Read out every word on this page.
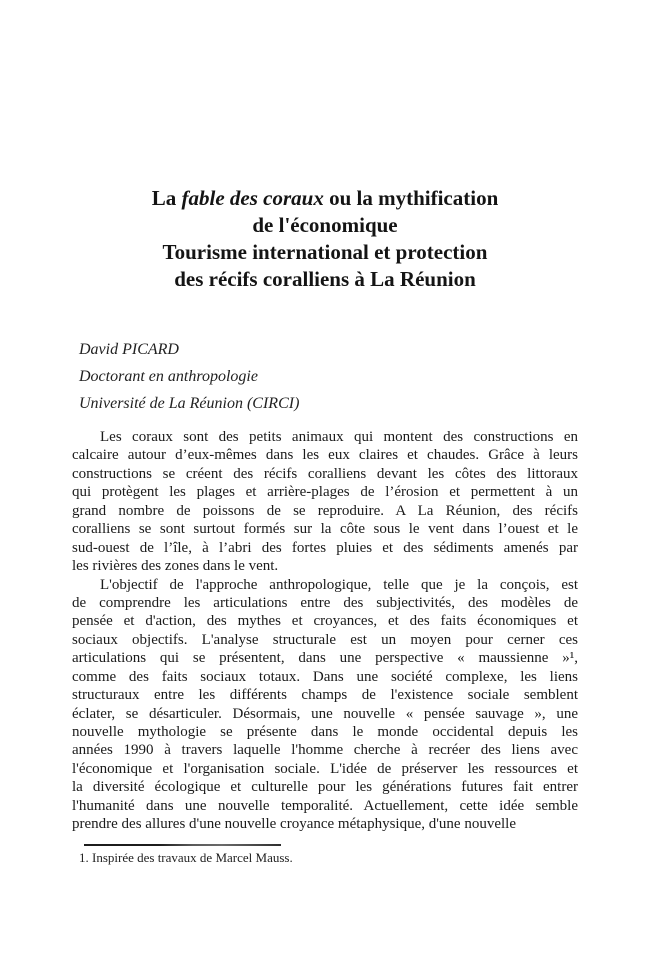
La fable des coraux ou la mythification
de l'économique
Tourisme international et protection
des récifs coralliens à La Réunion
David PICARD
Doctorant en anthropologie
Université de La Réunion (CIRCI)
Les coraux sont des petits animaux qui montent des constructions en
calcaire autour d’eux-mêmes dans les eux claires et chaudes. Grâce à leurs
constructions se créent des récifs coralliens devant les côtes des littoraux
qui protègent les plages et arrière-plages de l’érosion et permettent à un
grand nombre de poissons de se reproduire. A La Réunion, des récifs
coralliens se sont surtout formés sur la côte sous le vent dans l’ouest et le
sud-ouest de l’île, à l’abri des fortes pluies et des sédiments amenés par
les rivières des zones dans le vent.
L'objectif de l'approche anthropologique, telle que je la conçois, est
de comprendre les articulations entre des subjectivités, des modèles de
pensée et d'action, des mythes et croyances, et des faits économiques et
sociaux objectifs. L'analyse structurale est un moyen pour cerner ces
articulations qui se présentent, dans une perspective « maussienne »¹,
comme des faits sociaux totaux. Dans une société complexe, les liens
structuraux entre les différents champs de l'existence sociale semblent
éclater, se désarticuler. Désormais, une nouvelle « pensée sauvage », une
nouvelle mythologie se présente dans le monde occidental depuis les
années 1990 à travers laquelle l'homme cherche à recréer des liens avec
l'économique et l'organisation sociale. L'idée de préserver les ressources et
la diversité écologique et culturelle pour les générations futures fait entrer
l'humanité dans une nouvelle temporalité. Actuellement, cette idée semble
prendre des allures d'une nouvelle croyance métaphysique, d'une nouvelle
1. Inspirée des travaux de Marcel Mauss.
